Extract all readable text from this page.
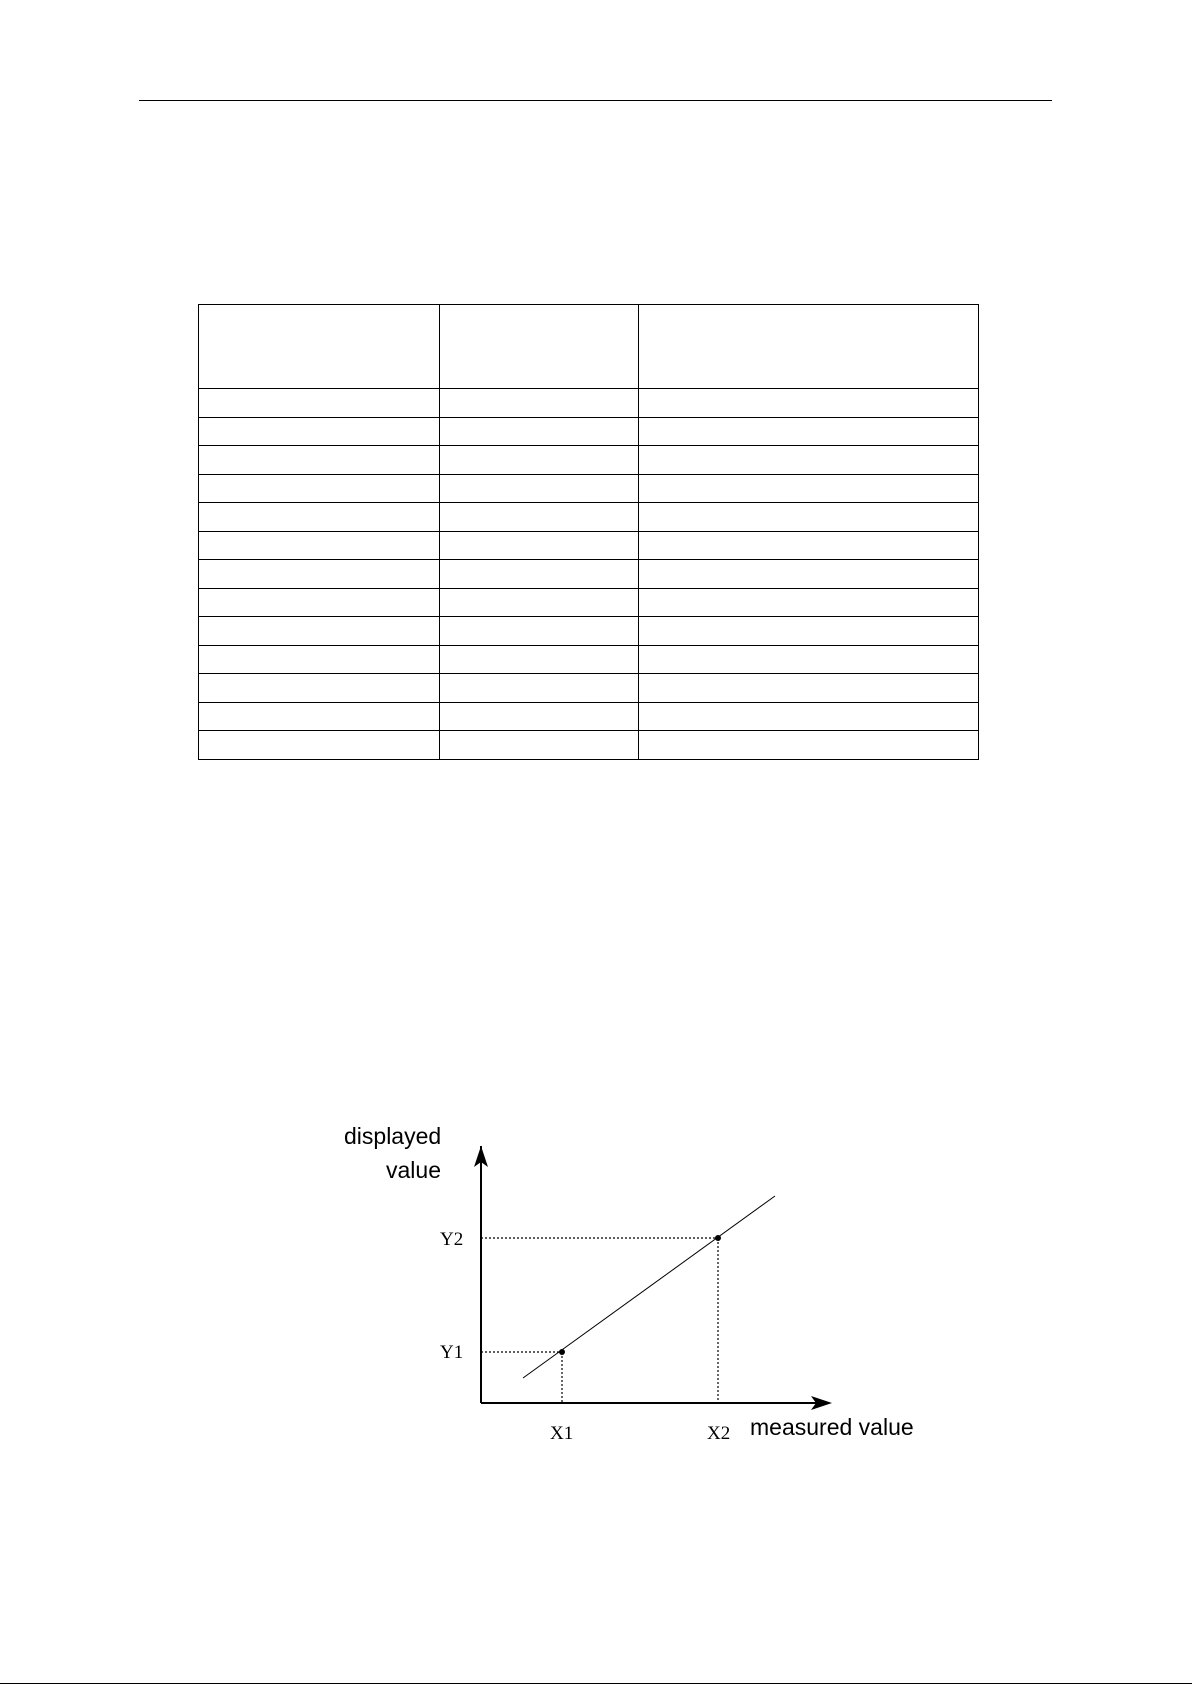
displayed
value
Y2
Y1
X1	X2 measured value
